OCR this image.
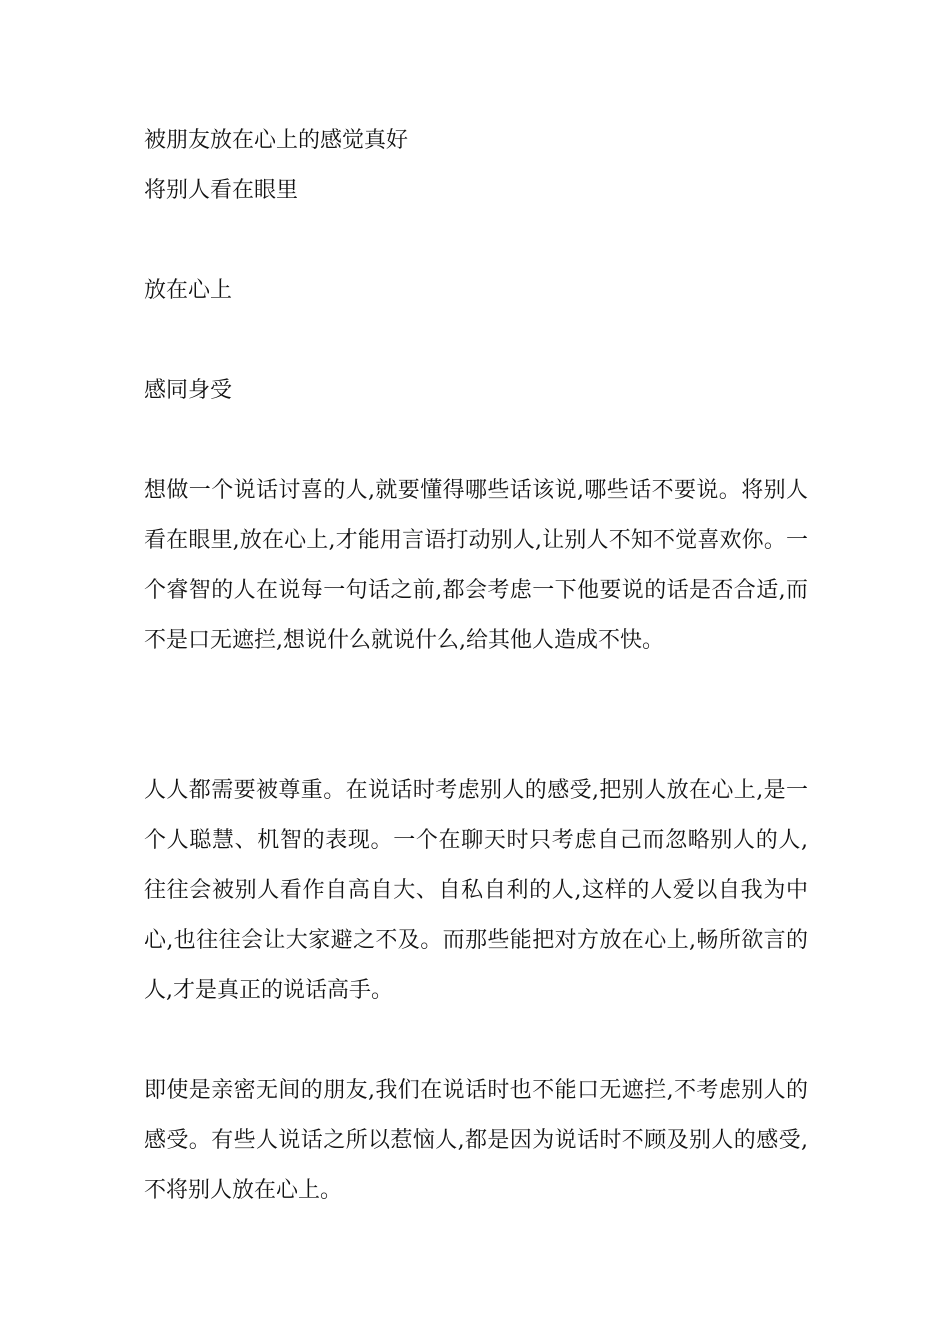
被朋友放在心上的感觉真好
将别人看在眼里
放在心上
感同身受
想做一个说话讨喜的人,就要懂得哪些话该说,哪些话不要说。将别人看在眼里,放在心上,才能用言语打动别人,让别人不知不觉喜欢你。一个睿智的人在说每一句话之前,都会考虑一下他要说的话是否合适,而不是口无遮拦,想说什么就说什么,给其他人造成不快。
人人都需要被尊重。在说话时考虑别人的感受,把别人放在心上,是一个人聪慧、机智的表现。一个在聊天时只考虑自己而忽略别人的人,往往会被别人看作自高自大、自私自利的人,这样的人爱以自我为中心,也往往会让大家避之不及。而那些能把对方放在心上,畅所欲言的人,才是真正的说话高手。
即使是亲密无间的朋友,我们在说话时也不能口无遮拦,不考虑别人的感受。有些人说话之所以惹恼人,都是因为说话时不顾及别人的感受,不将别人放在心上。
